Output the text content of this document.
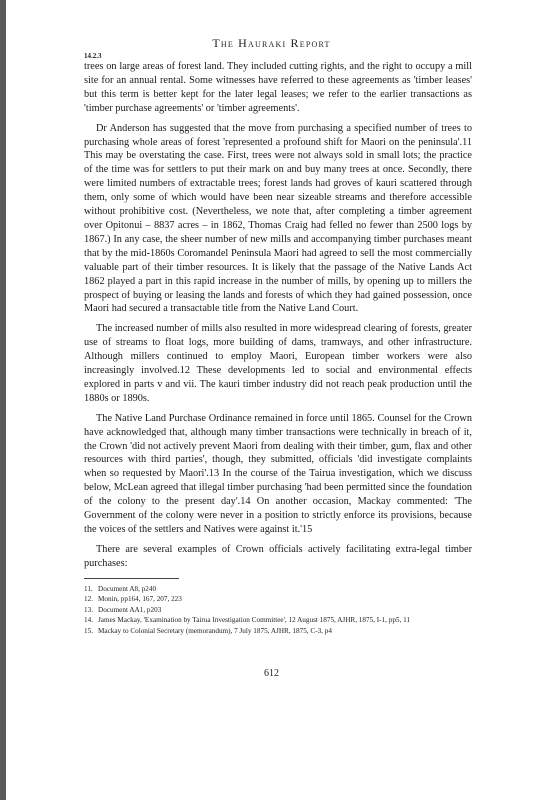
The Hauraki Report
14.2.3

trees on large areas of forest land. They included cutting rights, and the right to occupy a mill site for an annual rental. Some witnesses have referred to these agreements as 'timber leases' but this term is better kept for the later legal leases; we refer to the earlier transactions as 'timber purchase agreements' or 'timber agreements'.

Dr Anderson has suggested that the move from purchasing a specified number of trees to purchasing whole areas of forest 'represented a profound shift for Maori on the peninsula'.11 This may be overstating the case. First, trees were not always sold in small lots; the practice of the time was for settlers to put their mark on and buy many trees at once. Secondly, there were limited numbers of extractable trees; forest lands had groves of kauri scattered through them, only some of which would have been near sizeable streams and therefore accessible without prohibitive cost. (Nevertheless, we note that, after completing a timber agreement over Opitonui – 8837 acres – in 1862, Thomas Craig had felled no fewer than 2500 logs by 1867.) In any case, the sheer number of new mills and accompanying timber purchases meant that by the mid-1860s Coromandel Peninsula Maori had agreed to sell the most commercially valuable part of their timber resources. It is likely that the passage of the Native Lands Act 1862 played a part in this rapid increase in the number of mills, by opening up to millers the prospect of buying or leasing the lands and forests of which they had gained possession, once Maori had secured a transactable title from the Native Land Court.

The increased number of mills also resulted in more widespread clearing of forests, greater use of streams to float logs, more building of dams, tramways, and other infrastructure. Although millers continued to employ Maori, European timber workers were also increasingly involved.12 These developments led to social and environmental effects explored in parts v and vii. The kauri timber industry did not reach peak production until the 1880s or 1890s.

The Native Land Purchase Ordinance remained in force until 1865. Counsel for the Crown have acknowledged that, although many timber transactions were technically in breach of it, the Crown 'did not actively prevent Maori from dealing with their timber, gum, flax and other resources with third parties', though, they submitted, officials 'did investigate complaints when so requested by Maori'.13 In the course of the Tairua investigation, which we discuss below, McLean agreed that illegal timber purchasing 'had been permitted since the foundation of the colony to the present day'.14 On another occasion, Mackay commented: 'The Government of the colony were never in a position to strictly enforce its provisions, because the voices of the settlers and Natives were against it.'15

There are several examples of Crown officials actively facilitating extra-legal timber purchases:

11. Document A8, p240
12. Monin, pp164, 167, 207, 223
13. Document AA1, p203
14. James Mackay, 'Examination by Tairua Investigation Committee', 12 August 1875, AJHR, 1875, I-1, pp5, 11
15. Mackay to Colonial Secretary (memorandum), 7 July 1875, AJHR, 1875, C-3, p4
612
